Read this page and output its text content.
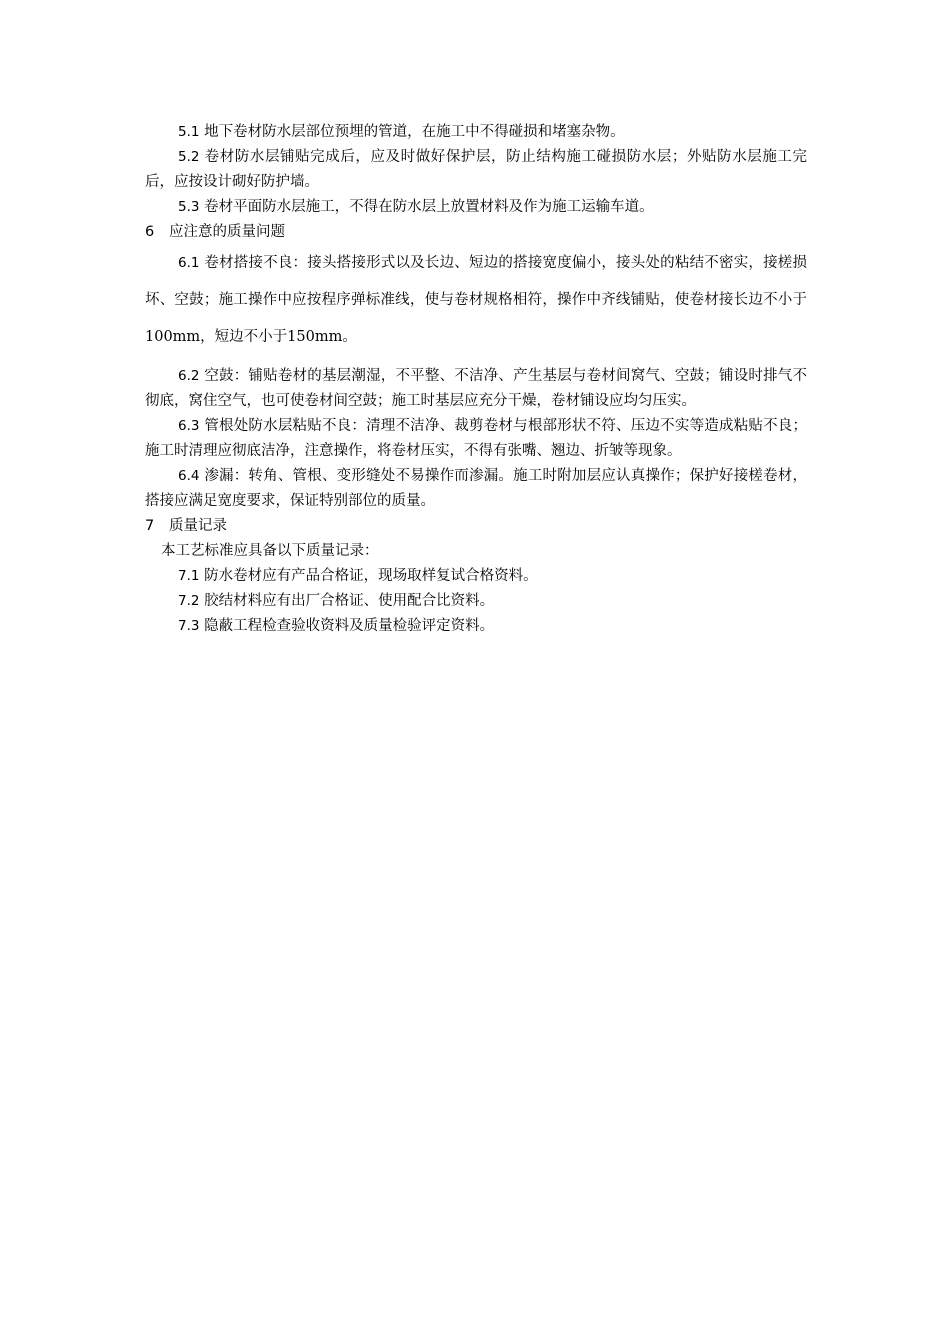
5.1 地下卷材防水层部位预埋的管道，在施工中不得碰损和堵塞杂物。

5.2 卷材防水层铺贴完成后，应及时做好保护层，防止结构施工碰损防水层；外贴防水层施工完后，应按设计砌好防护墙。

5.3 卷材平面防水层施工，不得在防水层上放置材料及作为施工运输车道。

6 应注意的质量问题

6.1 卷材搭接不良：接头搭接形式以及长边、短边的搭接宽度偏小，接头处的粘结不密实，接槎损坏、空鼓；施工操作中应按程序弹标准线，使与卷材规格相符，操作中齐线铺贴，使卷材接长边不小于100mm，短边不小于150mm。

6.2 空鼓：铺贴卷材的基层潮湿，不平整、不洁净、产生基层与卷材间窝气、空鼓；铺设时排气不彻底，窝住空气，也可使卷材间空鼓；施工时基层应充分干燥，卷材铺设应均匀压实。

6.3 管根处防水层粘贴不良：清理不洁净、裁剪卷材与根部形状不符、压边不实等造成粘贴不良；施工时清理应彻底洁净，注意操作，将卷材压实，不得有张嘴、翘边、折皱等现象。

6.4 渗漏：转角、管根、变形缝处不易操作而渗漏。施工时附加层应认真操作；保护好接槎卷材，搭接应满足宽度要求，保证特别部位的质量。

7 质量记录

本工艺标准应具备以下质量记录：

7.1 防水卷材应有产品合格证，现场取样复试合格资料。

7.2 胶结材料应有出厂合格证、使用配合比资料。

7.3 隐蔽工程检查验收资料及质量检验评定资料。
